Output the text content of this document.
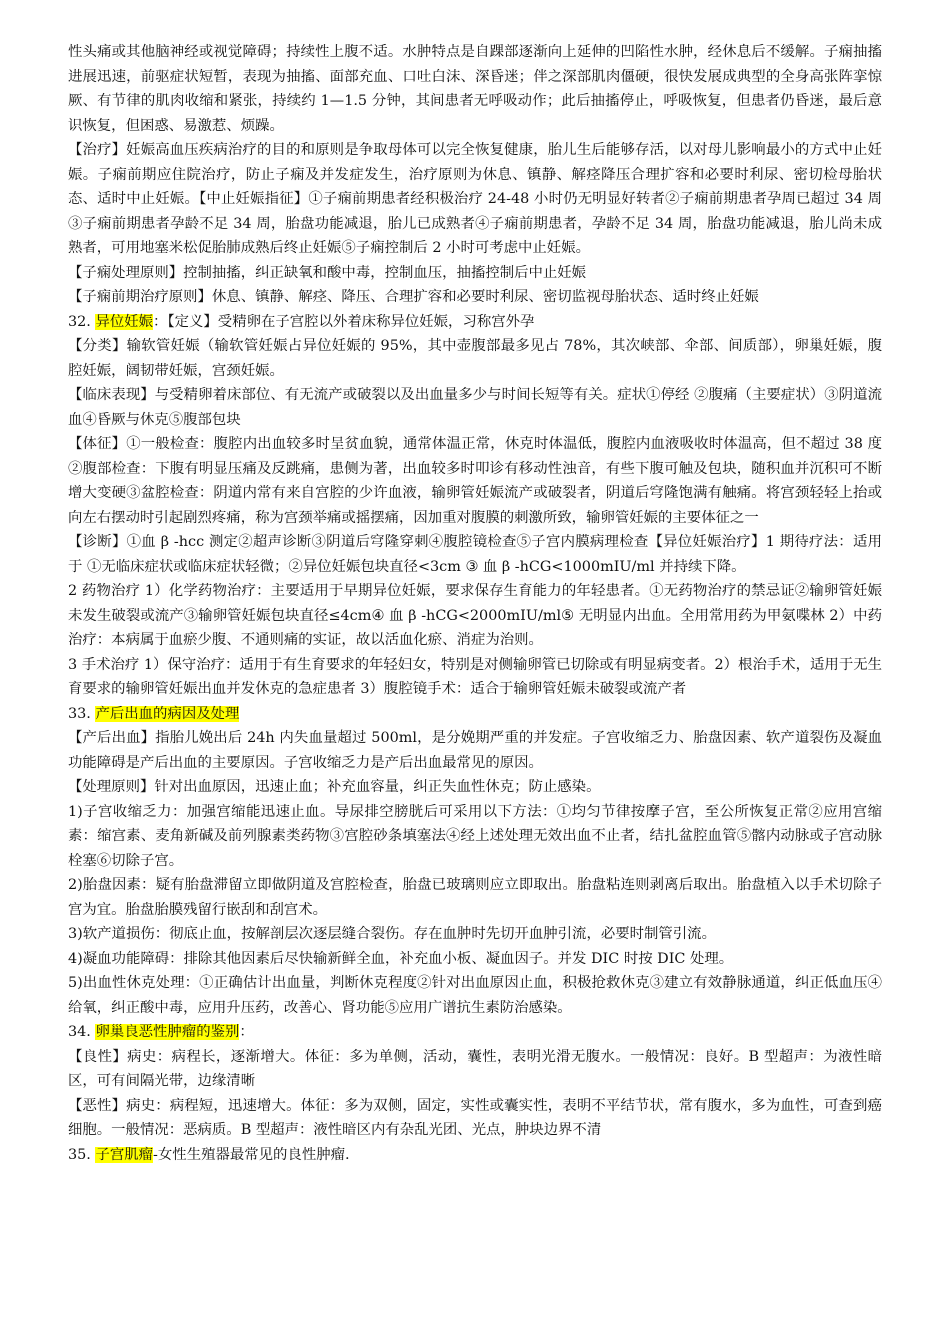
性头痛或其他脑神经或视觉障碍；持续性上腹不适。水肿特点是自踝部逐渐向上延伸的凹陷性水肿，经休息后不缓解。子痫抽搐进展迅速，前驱症状短暂，表现为抽搐、面部充血、口吐白沫、深昏迷；伴之深部肌肉僵硬，很快发展成典型的全身高张阵挛惊厥、有节律的肌肉收缩和紧张，持续约 1—1.5 分钟，其间患者无呼吸动作；此后抽搐停止，呼吸恢复，但患者仍昏迷，最后意识恢复，但困惑、易激惹、烦躁。

【治疗】妊娠高血压疾病治疗的目的和原则是争取母体可以完全恢复健康，胎儿生后能够存活，以对母儿影响最小的方式中止妊娠。子痫前期应住院治疗，防止子痫及并发症发生，治疗原则为休息、镇静、解痉降压合理扩容和必要时利尿、密切检母胎状态、适时中止妊娠。【中止妊娠指征】①子痫前期患者经积极治疗 24-48 小时仍无明显好转者②子痫前期患者孕周已超过 34 周③子痫前期患者孕龄不足 34 周，胎盘功能减退，胎儿已成熟者④子痫前期患者，孕龄不足 34 周，胎盘功能减退，胎儿尚未成熟者，可用地塞米松促胎肺成熟后终止妊娠⑤子痫控制后 2 小时可考虑中止妊娠。

【子痫处理原则】控制抽搐，纠正缺氧和酸中毒，控制血压，抽搐控制后中止妊娠

【子痫前期治疗原则】休息、镇静、解痉、降压、合理扩容和必要时利尿、密切监视母胎状态、适时终止妊娠

32. 异位妊娠：【定义】受精卵在子宫腔以外着床称异位妊娠，习称宫外孕

【分类】输软管妊娠（输软管妊娠占异位妊娠的 95%，其中壶腹部最多见占 78%，其次峡部、伞部、间质部），卵巢妊娠，腹腔妊娠，阔韧带妊娠，宫颈妊娠。

【临床表现】与受精卵着床部位、有无流产或破裂以及出血量多少与时间长短等有关。症状①停经 ②腹痛（主要症状）③阴道流血④昏厥与休克⑤腹部包块

【体征】①一般检查：腹腔内出血较多时呈贫血貌，通常体温正常，休克时体温低，腹腔内血液吸收时体温高，但不超过 38 度 ②腹部检查：下腹有明显压痛及反跳痛，患侧为著，出血较多时叩诊有移动性浊音，有些下腹可触及包块，随积血并沉积可不断增大变硬③盆腔检查：阴道内常有来自宫腔的少许血液，输卵管妊娠流产或破裂者，阴道后穹隆饱满有触痛。将宫颈轻轻上抬或向左右摆动时引起剧烈疼痛，称为宫颈举痛或摇摆痛，因加重对腹膜的刺激所致，输卵管妊娠的主要体征之一

【诊断】①血 β -hcc 测定②超声诊断③阴道后穹隆穿刺④腹腔镜检查⑤子宫内膜病理检查【异位妊娠治疗】1 期待疗法：适用于 ①无临床症状或临床症状轻微；②异位妊娠包块直径<3cm ③ 血 β -hCG<1000mIU/ml 并持续下降。

2 药物治疗 1）化学药物治疗：主要适用于早期异位妊娠，要求保存生育能力的年轻患者。①无药物治疗的禁忌证②输卵管妊娠未发生破裂或流产③输卵管妊娠包块直径≤4cm④ 血 β -hCG<2000mIU/ml⑤ 无明显内出血。全用常用药为甲氨喋林 2）中药治疗：本病属于血瘀少腹、不通则痛的实证，故以活血化瘀、消症为治则。

3 手术治疗 1）保守治疗：适用于有生育要求的年轻妇女，特别是对侧输卵管已切除或有明显病变者。2）根治手术，适用于无生育要求的输卵管妊娠出血并发休克的急症患者 3）腹腔镜手术：适合于输卵管妊娠未破裂或流产者

33. 产后出血的病因及处理

【产后出血】指胎儿娩出后 24h 内失血量超过 500ml，是分娩期严重的并发症。子宫收缩乏力、胎盘因素、软产道裂伤及凝血功能障碍是产后出血的主要原因。子宫收缩乏力是产后出血最常见的原因。

【处理原则】针对出血原因，迅速止血；补充血容量，纠正失血性休克；防止感染。

1)子宫收缩乏力：加强宫缩能迅速止血。导尿排空膀胱后可采用以下方法：①均匀节律按摩子宫，至公所恢复正常②应用宫缩素：缩宫素、麦角新碱及前列腺素类药物③宫腔砂条填塞法④经上述处理无效出血不止者，结扎盆腔血管⑤髂内动脉或子宫动脉栓塞⑥切除子宫。

2)胎盘因素：疑有胎盘滞留立即做阴道及宫腔检查，胎盘已玻璃则应立即取出。胎盘粘连则剥离后取出。胎盘植入以手术切除子宫为宜。胎盘胎膜残留行嵌刮和刮宫术。

3)软产道损伤：彻底止血，按解剖层次逐层缝合裂伤。存在血肿时先切开血肿引流，必要时制管引流。

4)凝血功能障碍：排除其他因素后尽快输新鲜全血，补充血小板、凝血因子。并发 DIC 时按 DIC 处理。

5)出血性休克处理：①正确估计出血量，判断休克程度②针对出血原因止血，积极抢救休克③建立有效静脉通道，纠正低血压④给氧，纠正酸中毒，应用升压药，改善心、肾功能⑤应用广谱抗生素防治感染。

34. 卵巢良恶性肿瘤的鉴别：

【良性】病史：病程长，逐渐增大。体征：多为单侧，活动，囊性，表明光滑无腹水。一般情况：良好。B 型超声：为液性暗区，可有间隔光带，边缘清晰

【恶性】病史：病程短，迅速增大。体征：多为双侧，固定，实性或囊实性，表明不平结节状，常有腹水，多为血性，可查到癌细胞。一般情况：恶病质。B 型超声：液性暗区内有杂乱光团、光点，肿块边界不清

35. 子宫肌瘤-女性生殖器最常见的良性肿瘤.
